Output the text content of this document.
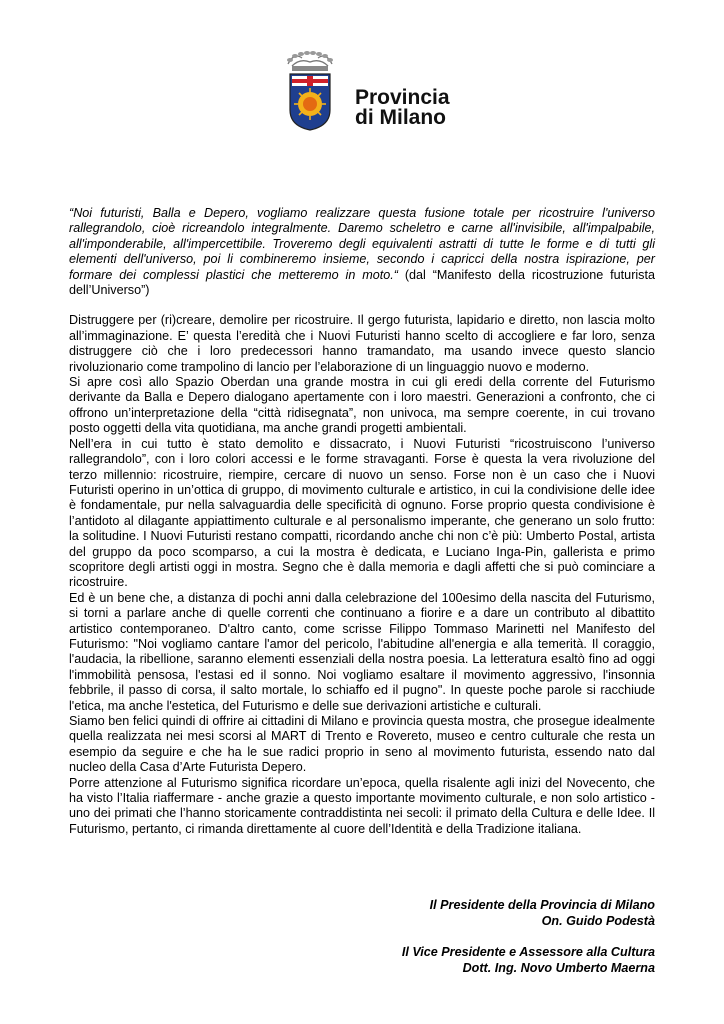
Provincia
di Milano

“Noi futuristi, Balla e Depero, vogliamo realizzare questa fusione totale per ricostruire l'universo rallegrandolo, cioè ricreandolo integralmente. Daremo scheletro e carne all'invisibile, all'impalpabile, all'imponderabile, all'impercettibile. Troveremo degli equivalenti astratti di tutte le forme e di tutti gli elementi dell'universo, poi li combineremo insieme, secondo i capricci della nostra ispirazione, per formare dei complessi plastici che metteremo in moto.“ (dal “Manifesto della ricostruzione futurista dell’Universo”)

Distruggere per (ri)creare, demolire per ricostruire. Il gergo futurista, lapidario e diretto, non lascia molto all’immaginazione. E’ questa l’eredità che i Nuovi Futuristi hanno scelto di accogliere e far loro, senza distruggere ciò che i loro predecessori hanno tramandato, ma usando invece questo slancio rivoluzionario come trampolino di lancio per l’elaborazione di un linguaggio nuovo e moderno.

Si apre così allo Spazio Oberdan una grande mostra in cui gli eredi della corrente del Futurismo derivante da Balla e Depero dialogano apertamente con i loro maestri. Generazioni a confronto, che ci offrono un’interpretazione della “città ridisegnata”, non univoca, ma sempre coerente, in cui trovano posto oggetti della vita quotidiana, ma anche grandi progetti ambientali.

Nell’era in cui tutto è stato demolito e dissacrato, i Nuovi Futuristi “ricostruiscono l’universo rallegrandolo”, con i loro colori accessi e le forme stravaganti. Forse è questa la vera rivoluzione del terzo millennio: ricostruire, riempire, cercare di nuovo un senso. Forse non è un caso che i Nuovi Futuristi operino in un’ottica di gruppo, di movimento culturale e artistico, in cui la condivisione delle idee è fondamentale, pur nella salvaguardia delle specificità di ognuno. Forse proprio questa condivisione è l’antidoto al dilagante appiattimento culturale e al personalismo imperante, che generano un solo frutto: la solitudine. I Nuovi Futuristi restano compatti, ricordando anche chi non c’è più: Umberto Postal, artista del gruppo da poco scomparso, a cui la mostra è dedicata, e Luciano Inga-Pin, gallerista e primo scopritore degli artisti oggi in mostra. Segno che è dalla memoria e dagli affetti che si può cominciare a ricostruire.

Ed è un bene che, a distanza di pochi anni dalla celebrazione del 100esimo della nascita del Futurismo, si torni a parlare anche di quelle correnti che continuano a fiorire e a dare un contributo al dibattito artistico contemporaneo. D'altro canto, come scrisse Filippo Tommaso Marinetti nel Manifesto del Futurismo: "Noi vogliamo cantare l'amor del pericolo, l'abitudine all'energia e alla temerità. Il coraggio, l'audacia, la ribellione, saranno elementi essenziali della nostra poesia. La letteratura esaltò fino ad oggi l'immobilità pensosa, l'estasi ed il sonno. Noi vogliamo esaltare il movimento aggressivo, l'insonnia febbrile, il passo di corsa, il salto mortale, lo schiaffo ed il pugno". In queste poche parole si racchiude l'etica, ma anche l'estetica, del Futurismo e delle sue derivazioni artistiche e culturali.

Siamo ben felici quindi di offrire ai cittadini di Milano e provincia questa mostra, che prosegue idealmente quella realizzata nei mesi scorsi al MART di Trento e Rovereto, museo e centro culturale che resta un esempio da seguire e che ha le sue radici proprio in seno al movimento futurista, essendo nato dal nucleo della Casa d’Arte Futurista Depero.

Porre attenzione al Futurismo significa ricordare un’epoca, quella risalente agli inizi del Novecento, che ha visto l’Italia riaffermare - anche grazie a questo importante movimento culturale, e non solo artistico - uno dei primati che l’hanno storicamente contraddistinta nei secoli: il primato della Cultura e delle Idee. Il Futurismo, pertanto, ci rimanda direttamente al cuore dell’Identità e della Tradizione italiana.

Il Presidente della Provincia di Milano

On. Guido Podestà

Il Vice Presidente e Assessore alla Cultura

Dott. Ing. Novo Umberto Maerna
